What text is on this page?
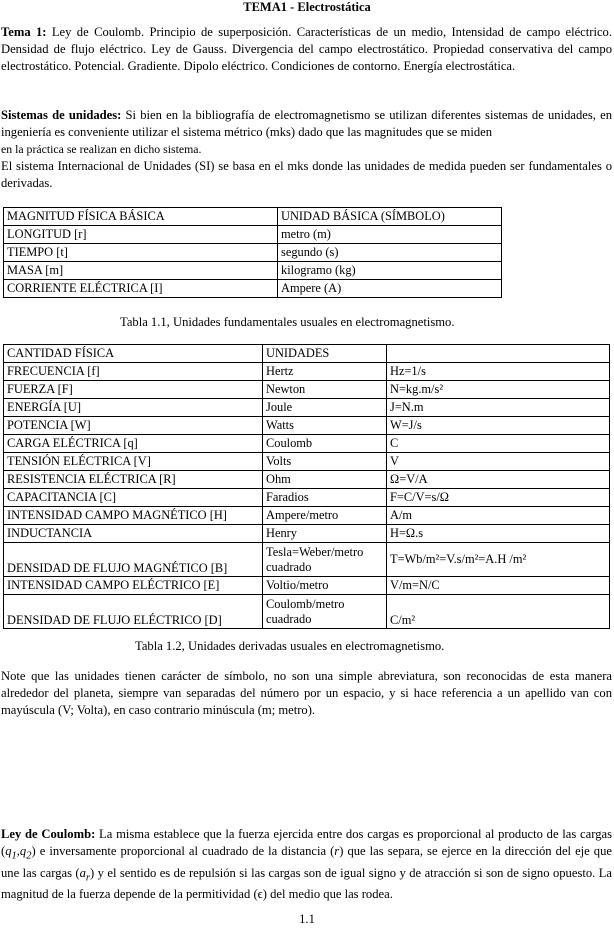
TEMA1 - Electrostática

Tema 1: Ley de Coulomb. Principio de superposición. Características de un medio, Intensidad de campo eléctrico. Densidad de flujo eléctrico. Ley de Gauss. Divergencia del campo electrostático. Propiedad conservativa del campo electrostático. Potencial. Gradiente. Dipolo eléctrico. Condiciones de contorno. Energía electrostática.

Sistemas de unidades: Si bien en la bibliografía de electromagnetismo se utilizan diferentes sistemas de unidades, en ingeniería es conveniente utilizar el sistema métrico (mks) dado que las magnitudes que se miden
en la práctica se realizan en dicho sistema.

El sistema Internacional de Unidades (SI) se basa en el mks donde las unidades de medida pueden ser fundamentales o derivadas.

MAGNITUD FÍSICA BÁSICA	UNIDAD BÁSICA (SÍMBOLO)
LONGITUD [r]	metro (m)
TIEMPO [t]	segundo (s)
MASA [m]	kilogramo (kg)
CORRIENTE ELÉCTRICA [I]	Ampere (A)
Tabla 1.1, Unidades fundamentales usuales en electromagnetismo.
CANTIDAD FÍSICA	UNIDADES	
FRECUENCIA [f]	Hertz	Hz=1/s
FUERZA [F]	Newton	N=kg.m/s²
ENERGÍA [U]	Joule	J=N.m
POTENCIA [W]	Watts	W=J/s
CARGA ELÉCTRICA [q]	Coulomb	C
TENSIÓN ELÉCTRICA [V]	Volts	V
RESISTENCIA ELÉCTRICA [R]	Ohm	Ω=V/A
CAPACITANCIA [C]	Faradios	F=C/V=s/Ω
INTENSIDAD CAMPO MAGNÉTICO [H]	Ampere/metro	A/m
INDUCTANCIA	Henry	H=Ω.s
DENSIDAD DE FLUJO MAGNÉTICO [B]	Tesla=Weber/metro cuadrado	T=Wb/m²=V.s/m²=A.H /m²
INTENSIDAD CAMPO ELÉCTRICO [E]	Voltio/metro	V/m=N/C
DENSIDAD DE FLUJO ELÉCTRICO [D]	Coulomb/metro cuadrado	C/m²
Tabla 1.2, Unidades derivadas usuales en electromagnetismo.

Note que las unidades tienen carácter de símbolo, no son una simple abreviatura, son reconocidas de esta manera alrededor del planeta, siempre van separadas del número por un espacio, y si hace referencia a un apellido van con mayúscula (V; Volta), en caso contrario minúscula (m; metro).

Ley de Coulomb: La misma establece que la fuerza ejercida entre dos cargas es proporcional al producto de las cargas $(q_1,q_2)$ e inversamente proporcional al cuadrado de la distancia (r) que las separa, se ejerce en la dirección del eje que une las cargas $(a_r)$ y el sentido es de repulsión si las cargas son de igual signo y de atracción si son de signo opuesto. La magnitud de la fuerza depende de la permitividad (ϵ) del medio que las rodea.

1.1
